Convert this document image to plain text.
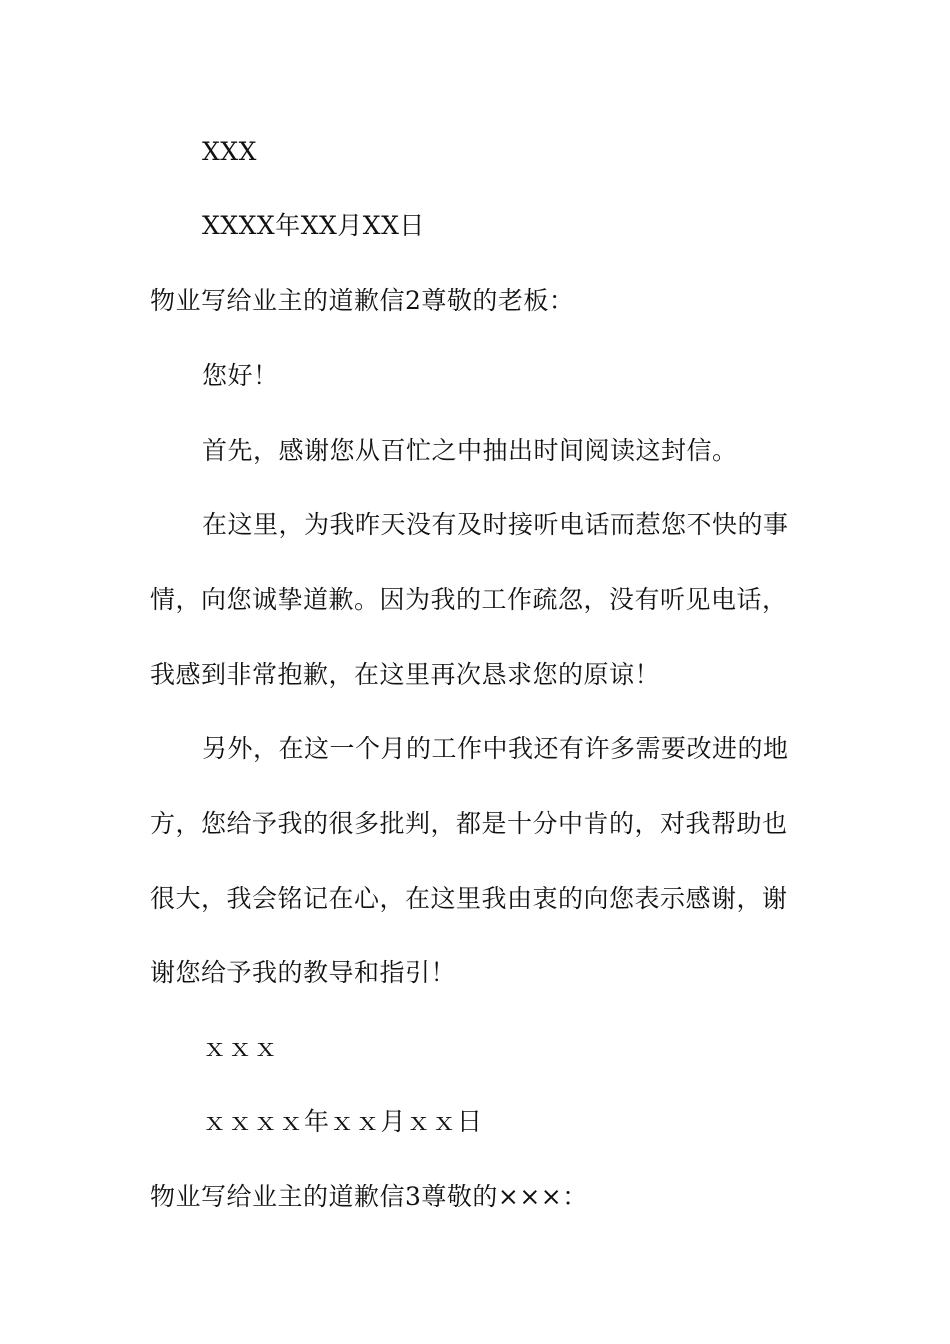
XXX
XXXX年XX月XX日
物业写给业主的道歉信2尊敬的老板：
您好！
首先，感谢您从百忙之中抽出时间阅读这封信。
在这里，为我昨天没有及时接听电话而惹您不快的事
情，向您诚挚道歉。因为我的工作疏忽，没有听见电话，
我感到非常抱歉，在这里再次恳求您的原谅！
另外，在这一个月的工作中我还有许多需要改进的地
方，您给予我的很多批判，都是十分中肯的，对我帮助也
很大，我会铭记在心，在这里我由衷的向您表示感谢，谢
谢您给予我的教导和指引！
ｘｘｘ
ｘｘｘｘ年ｘｘ月ｘｘ日
物业写给业主的道歉信3尊敬的×××：
